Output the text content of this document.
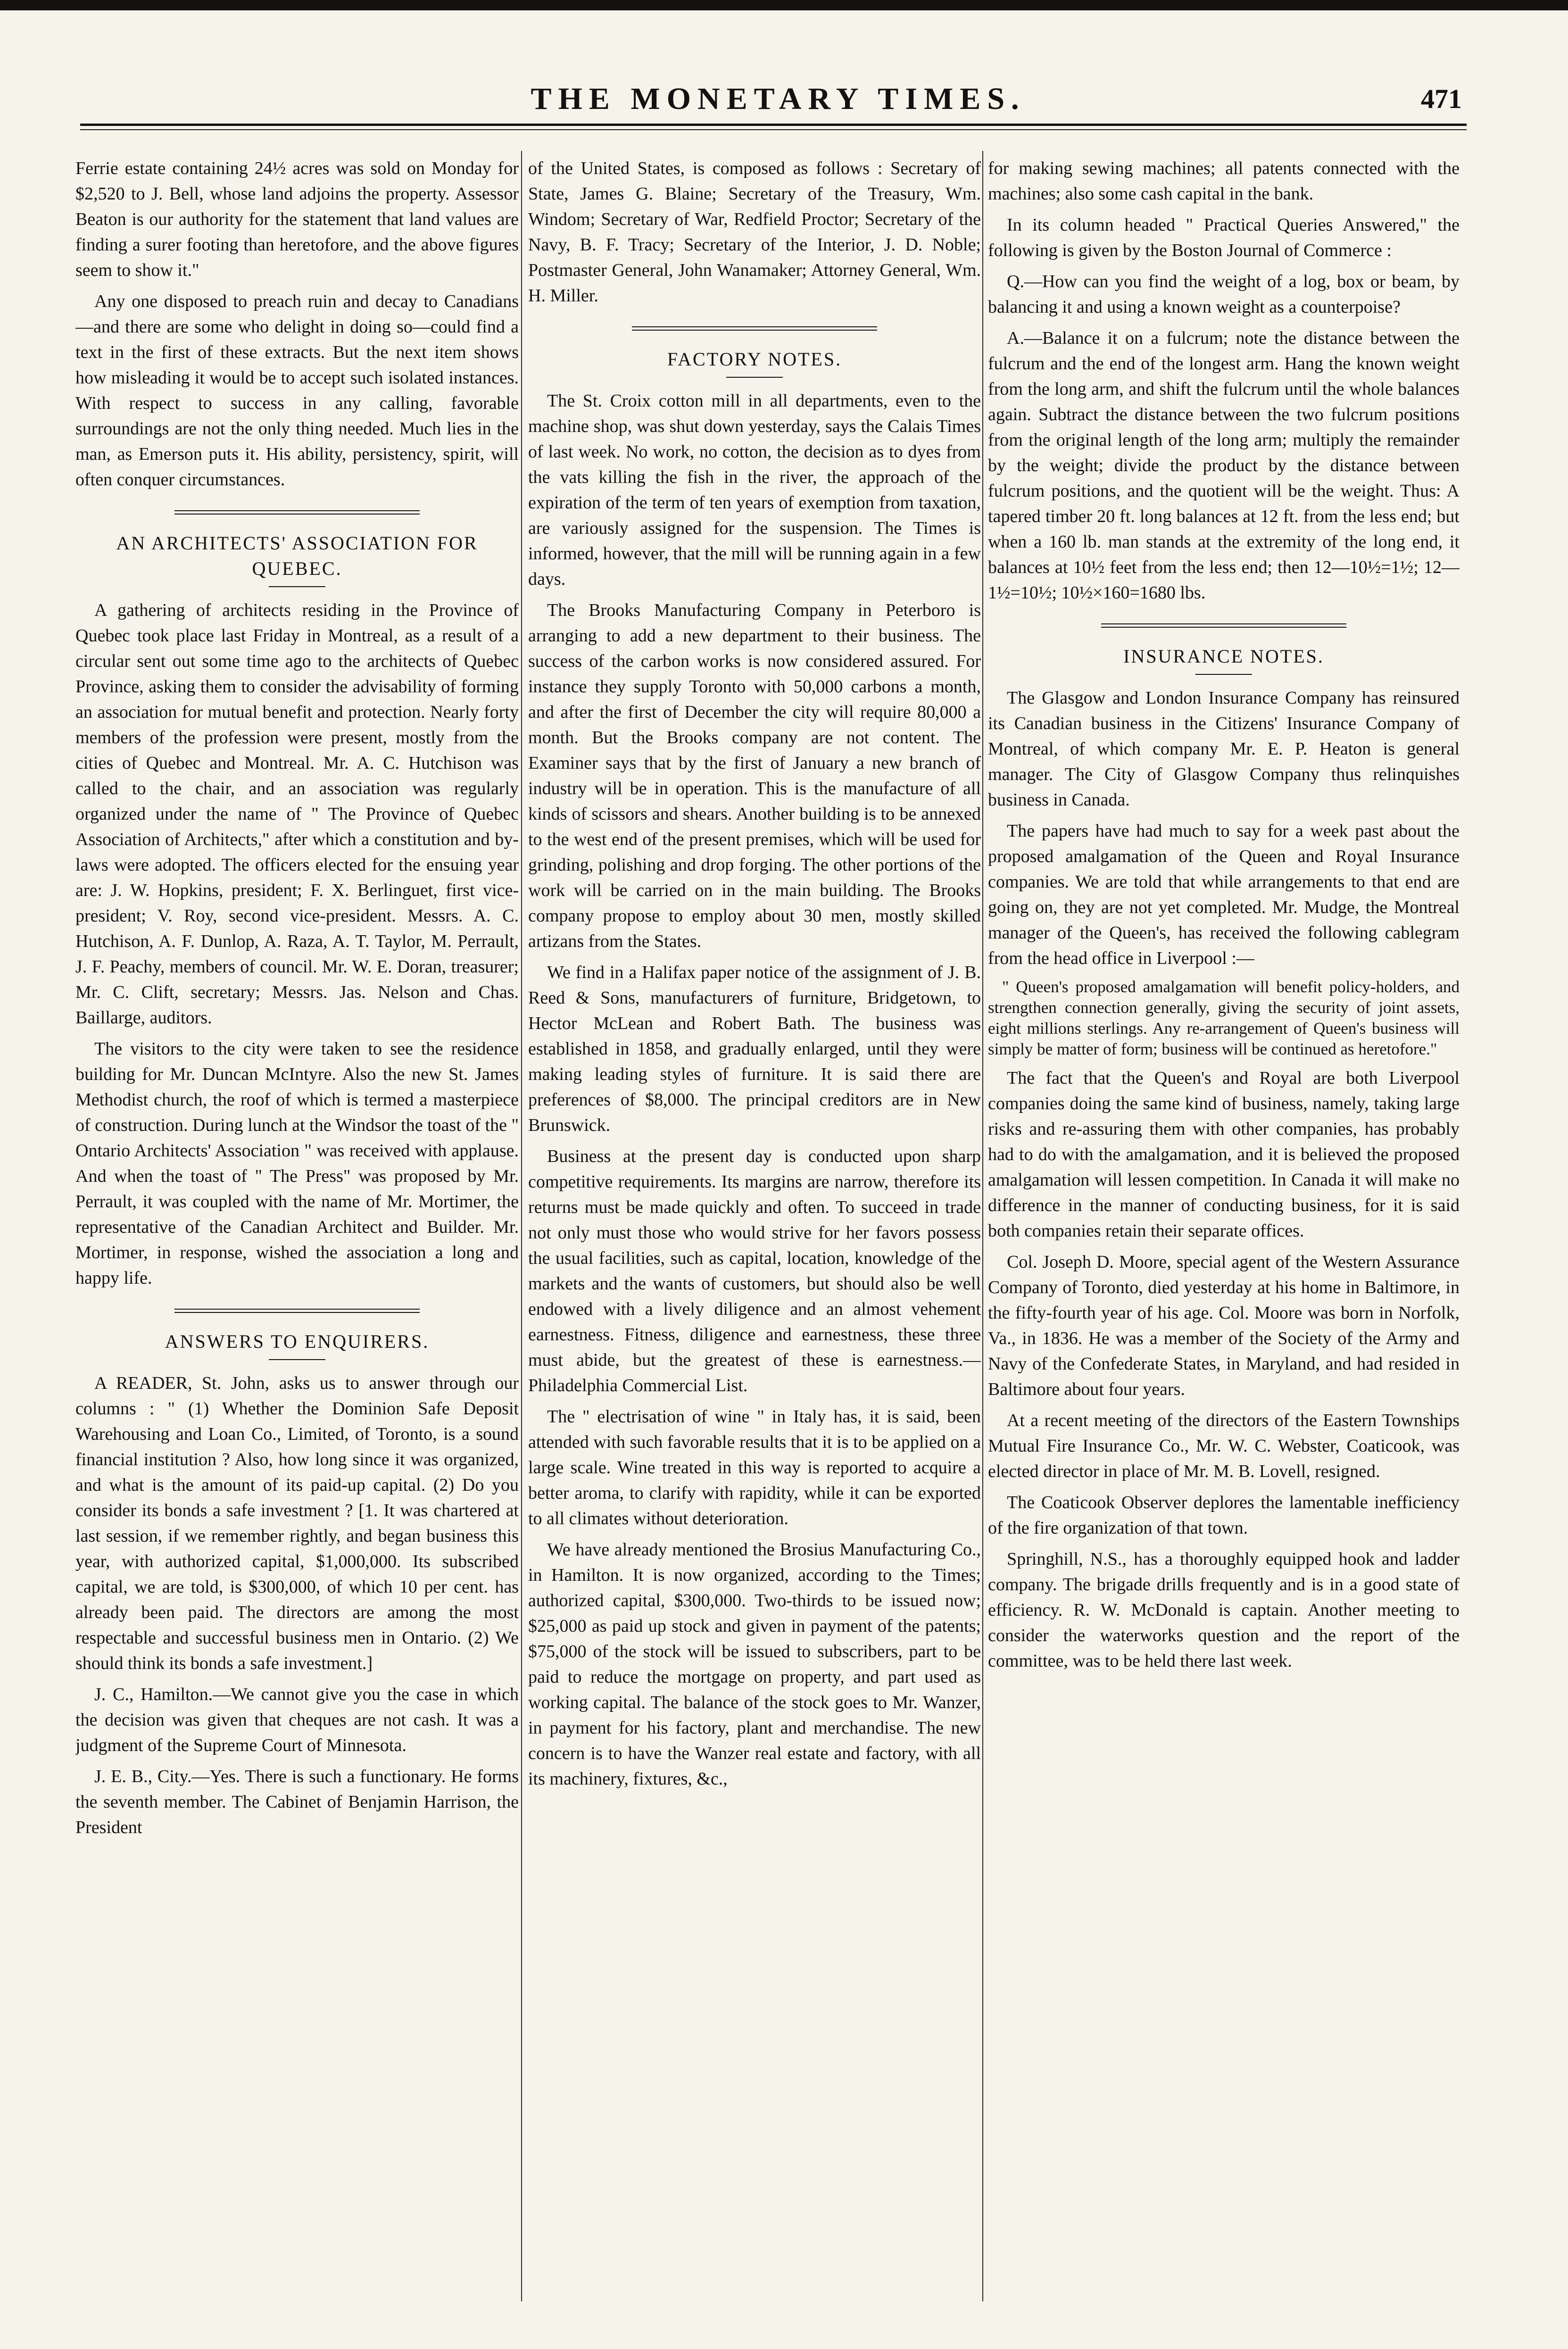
THE MONETARY TIMES.	471

Ferrie estate containing 24½ acres was sold on Monday for $2,520 to J. Bell, whose land adjoins the property. Assessor Beaton is our authority for the statement that land values are finding a surer footing than heretofore, and the above figures seem to show it."

Any one disposed to preach ruin and decay to Canadians—and there are some who delight in doing so—could find a text in the first of these extracts. But the next item shows how misleading it would be to accept such isolated instances. With respect to success in any calling, favorable surroundings are not the only thing needed. Much lies in the man, as Emerson puts it. His ability, persistency, spirit, will often conquer circumstances.

AN ARCHITECTS' ASSOCIATION FOR QUEBEC.

A gathering of architects residing in the Province of Quebec took place last Friday in Montreal, as a result of a circular sent out some time ago to the architects of Quebec Province, asking them to consider the advisability of forming an association for mutual benefit and protection. Nearly forty members of the profession were present, mostly from the cities of Quebec and Montreal. Mr. A. C. Hutchison was called to the chair, and an association was regularly organized under the name of " The Province of Quebec Association of Architects," after which a constitution and by-laws were adopted. The officers elected for the ensuing year are: J. W. Hopkins, president; F. X. Berlinguet, first vice-president; V. Roy, second vice-president. Messrs. A. C. Hutchison, A. F. Dunlop, A. Raza, A. T. Taylor, M. Perrault, J. F. Peachy, members of council. Mr. W. E. Doran, treasurer; Mr. C. Clift, secretary; Messrs. Jas. Nelson and Chas. Baillarge, auditors.

The visitors to the city were taken to see the residence building for Mr. Duncan McIntyre. Also the new St. James Methodist church, the roof of which is termed a masterpiece of construction. During lunch at the Windsor the toast of the " Ontario Architects' Association " was received with applause. And when the toast of " The Press" was proposed by Mr. Perrault, it was coupled with the name of Mr. Mortimer, the representative of the Canadian Architect and Builder. Mr. Mortimer, in response, wished the association a long and happy life.

ANSWERS TO ENQUIRERS.

A READER, St. John, asks us to answer through our columns : " (1) Whether the Dominion Safe Deposit Warehousing and Loan Co., Limited, of Toronto, is a sound financial institution ? Also, how long since it was organized, and what is the amount of its paid-up capital. (2) Do you consider its bonds a safe investment ? [1. It was chartered at last session, if we remember rightly, and began business this year, with authorized capital, $1,000,000. Its subscribed capital, we are told, is $300,000, of which 10 per cent. has already been paid. The directors are among the most respectable and successful business men in Ontario. (2) We should think its bonds a safe investment.]

J. C., Hamilton.—We cannot give you the case in which the decision was given that cheques are not cash. It was a judgment of the Supreme Court of Minnesota.

J. E. B., City.—Yes. There is such a functionary. He forms the seventh member. The Cabinet of Benjamin Harrison, the President

of the United States, is composed as follows : Secretary of State, James G. Blaine; Secretary of the Treasury, Wm. Windom; Secretary of War, Redfield Proctor; Secretary of the Navy, B. F. Tracy; Secretary of the Interior, J. D. Noble; Postmaster General, John Wanamaker; Attorney General, Wm. H. Miller.

FACTORY NOTES.

The St. Croix cotton mill in all departments, even to the machine shop, was shut down yesterday, says the Calais Times of last week. No work, no cotton, the decision as to dyes from the vats killing the fish in the river, the approach of the expiration of the term of ten years of exemption from taxation, are variously assigned for the suspension. The Times is informed, however, that the mill will be running again in a few days.

The Brooks Manufacturing Company in Peterboro is arranging to add a new department to their business. The success of the carbon works is now considered assured. For instance they supply Toronto with 50,000 carbons a month, and after the first of December the city will require 80,000 a month. But the Brooks company are not content. The Examiner says that by the first of January a new branch of industry will be in operation. This is the manufacture of all kinds of scissors and shears. Another building is to be annexed to the west end of the present premises, which will be used for grinding, polishing and drop forging. The other portions of the work will be carried on in the main building. The Brooks company propose to employ about 30 men, mostly skilled artizans from the States.

We find in a Halifax paper notice of the assignment of J. B. Reed & Sons, manufacturers of furniture, Bridgetown, to Hector McLean and Robert Bath. The business was established in 1858, and gradually enlarged, until they were making leading styles of furniture. It is said there are preferences of $8,000. The principal creditors are in New Brunswick.

Business at the present day is conducted upon sharp competitive requirements. Its margins are narrow, therefore its returns must be made quickly and often. To succeed in trade not only must those who would strive for her favors possess the usual facilities, such as capital, location, knowledge of the markets and the wants of customers, but should also be well endowed with a lively diligence and an almost vehement earnestness. Fitness, diligence and earnestness, these three must abide, but the greatest of these is earnestness.—Philadelphia Commercial List.

The " electrisation of wine " in Italy has, it is said, been attended with such favorable results that it is to be applied on a large scale. Wine treated in this way is reported to acquire a better aroma, to clarify with rapidity, while it can be exported to all climates without deterioration.

We have already mentioned the Brosius Manufacturing Co., in Hamilton. It is now organized, according to the Times; authorized capital, $300,000. Two-thirds to be issued now; $25,000 as paid up stock and given in payment of the patents; $75,000 of the stock will be issued to subscribers, part to be paid to reduce the mortgage on property, and part used as working capital. The balance of the stock goes to Mr. Wanzer, in payment for his factory, plant and merchandise. The new concern is to have the Wanzer real estate and factory, with all its machinery, fixtures, &c.,

for making sewing machines; all patents connected with the machines; also some cash capital in the bank.

In its column headed " Practical Queries Answered," the following is given by the Boston Journal of Commerce :

Q.—How can you find the weight of a log, box or beam, by balancing it and using a known weight as a counterpoise?

A.—Balance it on a fulcrum; note the distance between the fulcrum and the end of the longest arm. Hang the known weight from the long arm, and shift the fulcrum until the whole balances again. Subtract the distance between the two fulcrum positions from the original length of the long arm; multiply the remainder by the weight; divide the product by the distance between fulcrum positions, and the quotient will be the weight. Thus: A tapered timber 20 ft. long balances at 12 ft. from the less end; but when a 160 lb. man stands at the extremity of the long end, it balances at 10½ feet from the less end; then 12—10½=1½; 12—1½=10½; 10½×160=1680 lbs.

INSURANCE NOTES.

The Glasgow and London Insurance Company has reinsured its Canadian business in the Citizens' Insurance Company of Montreal, of which company Mr. E. P. Heaton is general manager. The City of Glasgow Company thus relinquishes business in Canada.

The papers have had much to say for a week past about the proposed amalgamation of the Queen and Royal Insurance companies. We are told that while arrangements to that end are going on, they are not yet completed. Mr. Mudge, the Montreal manager of the Queen's, has received the following cablegram from the head office in Liverpool :—

" Queen's proposed amalgamation will benefit policy-holders, and strengthen connection generally, giving the security of joint assets, eight millions sterlings. Any re-arrangement of Queen's business will simply be matter of form; business will be continued as heretofore."

The fact that the Queen's and Royal are both Liverpool companies doing the same kind of business, namely, taking large risks and re-assuring them with other companies, has probably had to do with the amalgamation, and it is believed the proposed amalgamation will lessen competition. In Canada it will make no difference in the manner of conducting business, for it is said both companies retain their separate offices.

Col. Joseph D. Moore, special agent of the Western Assurance Company of Toronto, died yesterday at his home in Baltimore, in the fifty-fourth year of his age. Col. Moore was born in Norfolk, Va., in 1836. He was a member of the Society of the Army and Navy of the Confederate States, in Maryland, and had resided in Baltimore about four years.

At a recent meeting of the directors of the Eastern Townships Mutual Fire Insurance Co., Mr. W. C. Webster, Coaticook, was elected director in place of Mr. M. B. Lovell, resigned.

The Coaticook Observer deplores the lamentable inefficiency of the fire organization of that town.

Springhill, N.S., has a thoroughly equipped hook and ladder company. The brigade drills frequently and is in a good state of efficiency. R. W. McDonald is captain. Another meeting to consider the waterworks question and the report of the committee, was to be held there last week.
